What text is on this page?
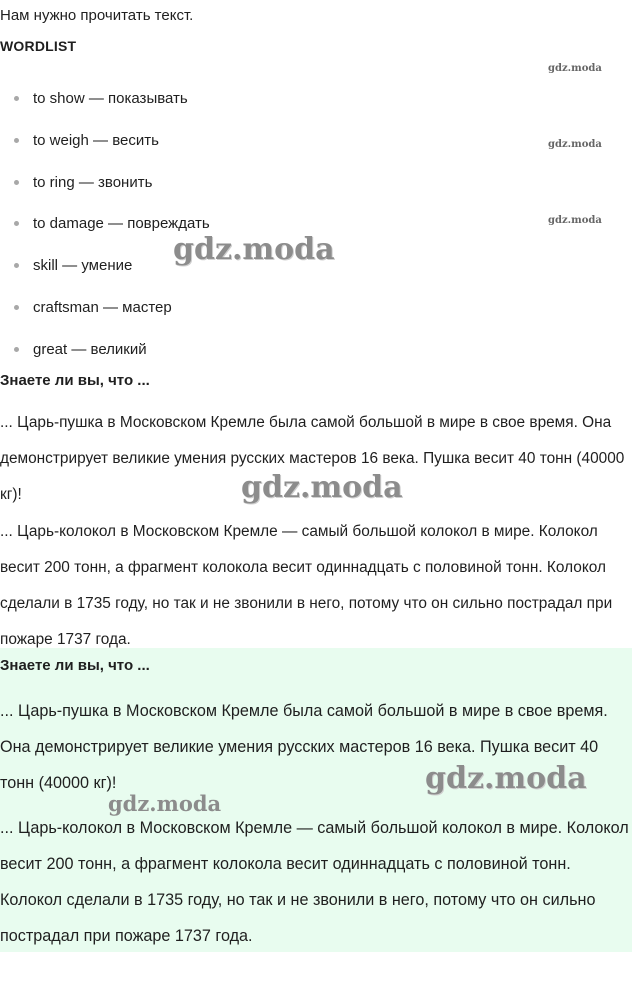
Нам нужно прочитать текст.
WORDLIST
to show — показывать
to weigh — весить
to ring — звонить
to damage — повреждать
skill — умение
craftsman — мастер
great — великий
Знаете ли вы, что ...
... Царь-пушка в Московском Кремле была самой большой в мире в свое время. Она демонстрирует великие умения русских мастеров 16 века. Пушка весит 40 тонн (40000 кг)!
... Царь-колокол в Московском Кремле — самый большой колокол в мире. Колокол весит 200 тонн, а фрагмент колокола весит одиннадцать с половиной тонн. Колокол сделали в 1735 году, но так и не звонили в него, потому что он сильно пострадал при пожаре 1737 года.
Знаете ли вы, что ...
... Царь-пушка в Московском Кремле была самой большой в мире в свое время. Она демонстрирует великие умения русских мастеров 16 века. Пушка весит 40 тонн (40000 кг)!
... Царь-колокол в Московском Кремле — самый большой колокол в мире. Колокол весит 200 тонн, а фрагмент колокола весит одиннадцать с половиной тонн. Колокол сделали в 1735 году, но так и не звонили в него, потому что он сильно пострадал при пожаре 1737 года.
gdz.moda
gdz.moda
gdz.moda
gdz.moda
gdz.moda
gdz.moda
gdz.moda
